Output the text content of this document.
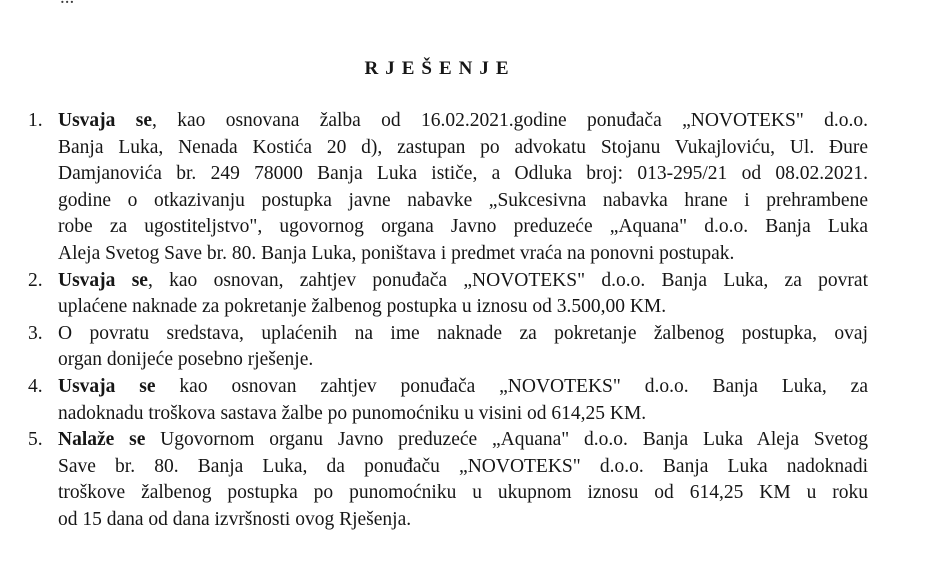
RJEŠENJE
1. Usvaja se, kao osnovana žalba od 16.02.2021.godine ponuđača „NOVOTEKS" d.o.o.
Banja Luka, Nenada Kostića 20 d), zastupan po advokatu Stojanu Vukajloviću, Ul. Đure
Damjanovića br. 249 78000 Banja Luka ističe, a Odluka broj: 013-295/21 od 08.02.2021.
godine o otkazivanju postupka javne nabavke „Sukcesivna nabavka hrane i prehrambene
robe za ugostiteljstvo", ugovornog organa Javno preduzeće „Aquana" d.o.o. Banja Luka
Aleja Svetog Save br. 80. Banja Luka, poništava i predmet vraća na ponovni postupak.
2. Usvaja se, kao osnovan, zahtjev ponuđača „NOVOTEKS" d.o.o. Banja Luka, za povrat
uplaćene naknade za pokretanje žalbenog postupka u iznosu od 3.500,00 KM.
3. O povratu sredstava, uplaćenih na ime naknade za pokretanje žalbenog postupka, ovaj
organ donijeće posebno rješenje.
4. Usvaja se kao osnovan zahtjev ponuđača „NOVOTEKS" d.o.o. Banja Luka, za
nadoknadu troškova sastava žalbe po punomoćniku u visini od 614,25 KM.
5. Nalaže se Ugovornom organu Javno preduzeće „Aquana" d.o.o. Banja Luka Aleja Svetog
Save br. 80. Banja Luka, da ponuđaču „NOVOTEKS" d.o.o. Banja Luka nadoknadi
troškove žalbenog postupka po punomoćniku u ukupnom iznosu od 614,25 KM u roku
od 15 dana od dana izvršnosti ovog Rješenja.
